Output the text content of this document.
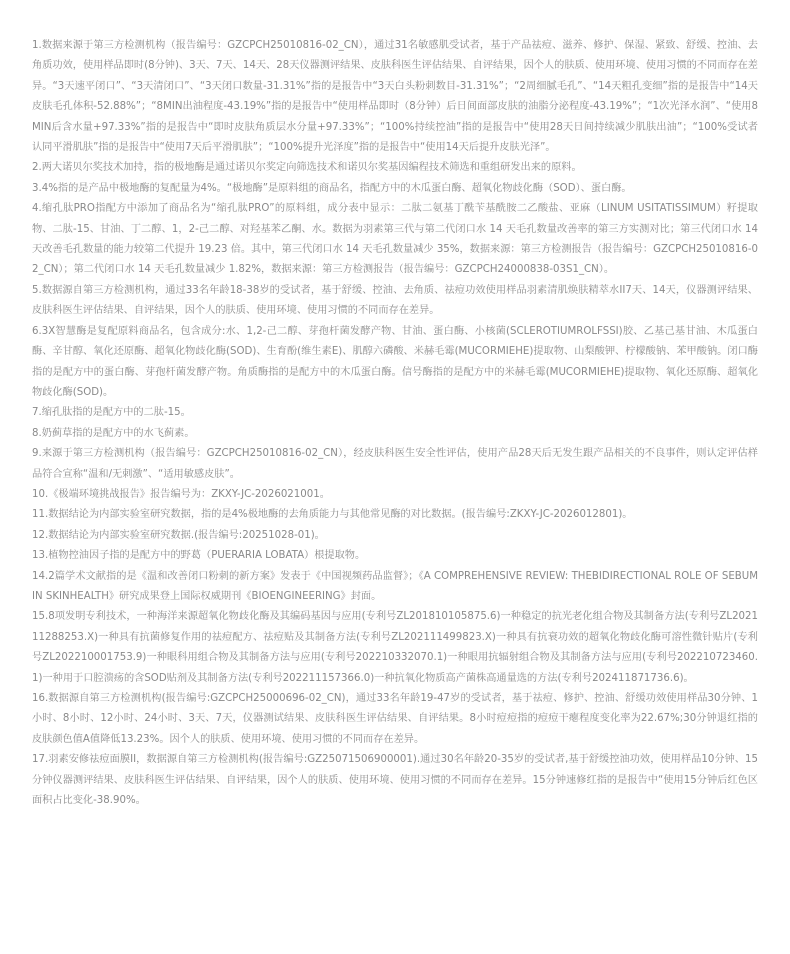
1.数据来源于第三方检测机构（报告编号：GZCPCH25010816-02_CN），通过31名敏感肌受试者，基于产品祛痘、滋养、修护、保湿、紧致、舒缓、控油、去角质功效，使用样品即时(8分钟)、3天、7天、14天、28天仪器测评结果、皮肤科医生评估结果、自评结果，因个人的肤质、使用环境、使用习惯的不同而存在差异。“3天速平闭口”、“3天清闭口”、“3天闭口数量-31.31%”指的是报告中“3天白头粉刺数目-31.31%”；“2周细腻毛孔”、“14天粗孔变细”指的是报告中“14天皮肤毛孔体积-52.88%”；“8MIN出油程度-43.19%”指的是报告中“使用样品即时（8分钟）后日间面部皮肤的油脂分泌程度-43.19%”；“1次光泽水润”、“使用8MIN后含水量+97.33%”指的是报告中“即时皮肤角质层水分量+97.33%”；“100%持续控油”指的是报告中“使用28天日间持续减少肌肤出油”；“100%受试者认同平滑肌肤”指的是报告中“使用7天后平滑肌肤”；“100%提升光泽度”指的是报告中“使用14天后提升皮肤光泽”。

2.两大诺贝尔奖技术加持，指的极地酶是通过诺贝尔奖定向筛选技术和诺贝尔奖基因编程技术筛选和重组研发出来的原料。

3.4%指的是产品中极地酶的复配量为4%。“极地酶”是原料组的商品名，指配方中的木瓜蛋白酶、超氧化物歧化酶（SOD）、蛋白酶。

4.缩孔肽PRO指配方中添加了商品名为“缩孔肽PRO”的原料组，成分表中显示：二肽二氨基丁酰苄基酰胺二乙酸盐、亚麻（LINUM USITATISSIMUM）籽提取物、二肽-15、甘油、丁二醇、1，2-己二醇、对羟基苯乙酮、水。数据为羽素第三代与第二代闭口水 14 天毛孔数量改善率的第三方实测对比；第三代闭口水 14 天改善毛孔数量的能力较第二代提升 19.23 倍。其中，第三代闭口水 14 天毛孔数量减少 35%，数据来源：第三方检测报告（报告编号：GZCPCH25010816-02_CN）；第二代闭口水 14 天毛孔数量减少 1.82%，数据来源：第三方检测报告（报告编号：GZCPCH24000838-03S1_CN）。

5.数据源自第三方检测机构，通过33名年龄18-38岁的受试者，基于舒缓、控油、去角质、祛痘功效使用样品羽素清肌焕肤精萃水II7天、14天，仪器测评结果、皮肤科医生评估结果、自评结果，因个人的肤质、使用环境、使用习惯的不同而存在差异。

6.3X智慧酶是复配原料商品名，包含成分:水、1,2-己二醇、芽孢杆菌发酵产物、甘油、蛋白酶、小核菌(SCLEROTIUMROLFSSI)胶、乙基己基甘油、木瓜蛋白酶、辛甘醇、氧化还原酶、超氧化物歧化酶(SOD)、生育酚(维生素E)、肌醇六磷酸、米赫毛霉(MUCORMIEHE)提取物、山梨酸钾、柠檬酸钠、苯甲酸钠。闭口酶指的是配方中的蛋白酶、芽孢杆菌发酵产物。角质酶指的是配方中的木瓜蛋白酶。信号酶指的是配方中的米赫毛霉(MUCORMIEHE)提取物、氧化还原酶、超氧化物歧化酶(SOD)。

7.缩孔肽指的是配方中的二肽-15。

8.奶蓟草指的是配方中的水飞蓟素。

9.来源于第三方检测机构（报告编号：GZCPCH25010816-02_CN），经皮肤科医生安全性评估，使用产品28天后无发生跟产品相关的不良事件，则认定评估样品符合宣称“温和/无刺激”、“适用敏感皮肤”。

10.《极端环境挑战报告》报告编号为：ZKXY-JC-2026021001。

11.数据结论为内部实验室研究数据，指的是4%极地酶的去角质能力与其他常见酶的对比数据。(报告编号:ZKXY-JC-2026012801)。

12.数据结论为内部实验室研究数据.(报告编号:20251028-01)。

13.植物控油因子指的是配方中的野葛（PUERARIA LOBATA）根提取物。

14.2篇学术文献指的是《温和改善闭口粉刺的新方案》发表于《中国视频药品监督》；《A COMPREHENSIVE REVIEW: THEBIDIRECTIONAL ROLE OF SEBUM IN SKINHEALTH》研究成果登上国际权威期刊《BIOENGINEERING》封面。

15.8项发明专利技术，一种海洋来源超氧化物歧化酶及其编码基因与应用(专利号ZL201810105875.6)一种稳定的抗光老化组合物及其制备方法(专利号ZL202111288253.X)一种具有抗菌修复作用的祛痘配方、祛痘贴及其制备方法(专利号ZL202111499823.X)一种具有抗衰功效的超氧化物歧化酶可溶性微针贴片(专利号ZL202210001753.9)一种眼科用组合物及其制备方法与应用(专利号202210332070.1)一种眼用抗辐射组合物及其制备方法与应用(专利号202210723460.1)一种用于口腔溃疡的含SOD贴剂及其制备方法(专利号202211157366.0)一种抗氧化物质高产菌株高通量选的方法(专利号202411871736.6)。

16.数据源自第三方检测机构(报告编号:GZCPCH25000696-02_CN)，通过33名年龄19-47岁的受试者，基于祛痘、修护、控油、舒缓功效使用样品30分钟、1小时、8小时、12小时、24小时、3天、7天，仪器测试结果、皮肤科医生评估结果、自评结果。8小时痘痘指的痘痘干瘪程度变化率为22.67%;30分钟退红指的皮肤颜色值A值降低13.23%。因个人的肤质、使用环境、使用习惯的不同而存在差异。

17.羽素安修祛痘面膜II，数据源自第三方检测机构(报告编号:GZ25071506900001).通过30名年龄20-35岁的受试者,基于舒缓控油功效，使用样品10分钟、15分钟仪器测评结果、皮肤科医生评估结果、自评结果，因个人的肤质、使用环境、使用习惯的不同而存在差异。15分钟速修红指的是报告中“使用15分钟后红色区面积占比变化-38.90%。
